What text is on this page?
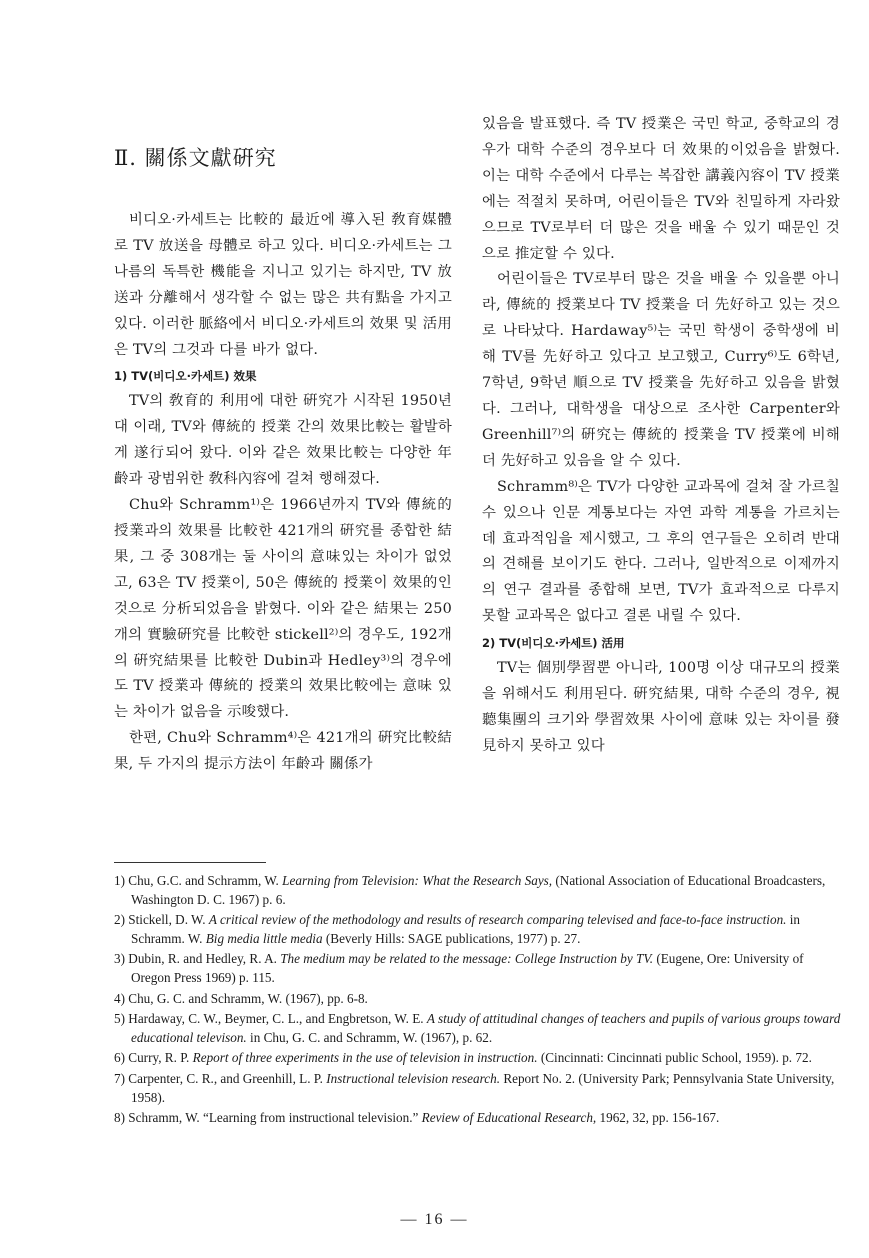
Ⅱ. 關係文獻硏究

비디오·카세트는 比較的 最近에 導入된 敎育媒體로 TV 放送을 母體로 하고 있다. 비디오·카세트는 그 나름의 독특한 機能을 지니고 있기는 하지만, TV 放送과 分離해서 생각할 수 없는 많은 共有點을 가지고 있다. 이러한 脈絡에서 비디오·카세트의 效果 및 活用은 TV의 그것과 다를 바가 없다.

1) TV(비디오·카세트) 效果

TV의 敎育的 利用에 대한 硏究가 시작된 1950년대 이래, TV와 傳統的 授業 간의 效果比較는 활발하게 遂行되어 왔다. 이와 같은 效果比較는 다양한 年齡과 광범위한 敎科內容에 걸쳐 행해졌다.

Chu와 Schramm¹⁾은 1966년까지 TV와 傳統的 授業과의 效果를 比較한 421개의 硏究를 종합한 結果, 그 중 308개는 둘 사이의 意味있는 차이가 없었고, 63은 TV 授業이, 50은 傳統的 授業이 效果的인 것으로 分析되었음을 밝혔다. 이와 같은 結果는 250개의 實驗硏究를 比較한 stickell²⁾의 경우도, 192개의 硏究結果를 比較한 Dubin과 Hedley³⁾의 경우에도 TV 授業과 傳統的 授業의 效果比較에는 意味 있는 차이가 없음을 示唆했다.

한편, Chu와 Schramm⁴⁾은 421개의 硏究比較結果, 두 가지의 提示方法이 年齡과 關係가

있음을 발표했다. 즉 TV 授業은 국민 학교, 중학교의 경우가 대학 수준의 경우보다 더 效果的이었음을 밝혔다. 이는 대학 수준에서 다루는 복잡한 講義內容이 TV 授業에는 적절치 못하며, 어린이들은 TV와 친밀하게 자라왔으므로 TV로부터 더 많은 것을 배울 수 있기 때문인 것으로 推定할 수 있다.

어린이들은 TV로부터 많은 것을 배울 수 있을뿐 아니라, 傳統的 授業보다 TV 授業을 더 先好하고 있는 것으로 나타났다. Hardaway⁵⁾는 국민 학생이 중학생에 비해 TV를 先好하고 있다고 보고했고, Curry⁶⁾도 6학년, 7학년, 9학년 順으로 TV 授業을 先好하고 있음을 밝혔다. 그러나, 대학생을 대상으로 조사한 Carpenter와 Greenhill⁷⁾의 硏究는 傳統的 授業을 TV 授業에 비해 더 先好하고 있음을 알 수 있다.

Schramm⁸⁾은 TV가 다양한 교과목에 걸쳐 잘 가르칠 수 있으나 인문 계통보다는 자연 과학 계통을 가르치는 데 효과적임을 제시했고, 그 후의 연구들은 오히려 반대의 견해를 보이기도 한다. 그러나, 일반적으로 이제까지의 연구 결과를 종합해 보면, TV가 효과적으로 다루지 못할 교과목은 없다고 결론 내릴 수 있다.

2) TV(비디오·카세트) 活用

TV는 個別學習뿐 아니라, 100명 이상 대규모의 授業을 위해서도 利用된다. 硏究結果, 대학 수준의 경우, 視聽集團의 크기와 學習效果 사이에 意味 있는 차이를 發見하지 못하고 있다

1) Chu, G.C. and Schramm, W. Learning from Television: What the Research Says, (National Association of Educational Broadcasters, Washington D. C. 1967) p. 6.

2) Stickell, D. W. A critical review of the methodology and results of research comparing televised and face-to-face instruction. in Schramm. W. Big media little media (Beverly Hills: SAGE publications, 1977) p. 27.

3) Dubin, R. and Hedley, R. A. The medium may be related to the message: College Instruction by TV. (Eugene, Ore: University of Oregon Press 1969) p. 115.

4) Chu, G. C. and Schramm, W. (1967), pp. 6-8.

5) Hardaway, C. W., Beymer, C. L., and Engbretson, W. E. A study of attitudinal changes of teachers and pupils of various groups toward educational televison. in Chu, G. C. and Schramm, W. (1967), p. 62.

6) Curry, R. P. Report of three experiments in the use of television in instruction. (Cincinnati: Cincinnati public School, 1959). p. 72.

7) Carpenter, C. R., and Greenhill, L. P. Instructional television research. Report No. 2. (University Park; Pennsylvania State University, 1958).

8) Schramm, W. “Learning from instructional television.” Review of Educational Research, 1962, 32, pp. 156-167.

— 16 —
